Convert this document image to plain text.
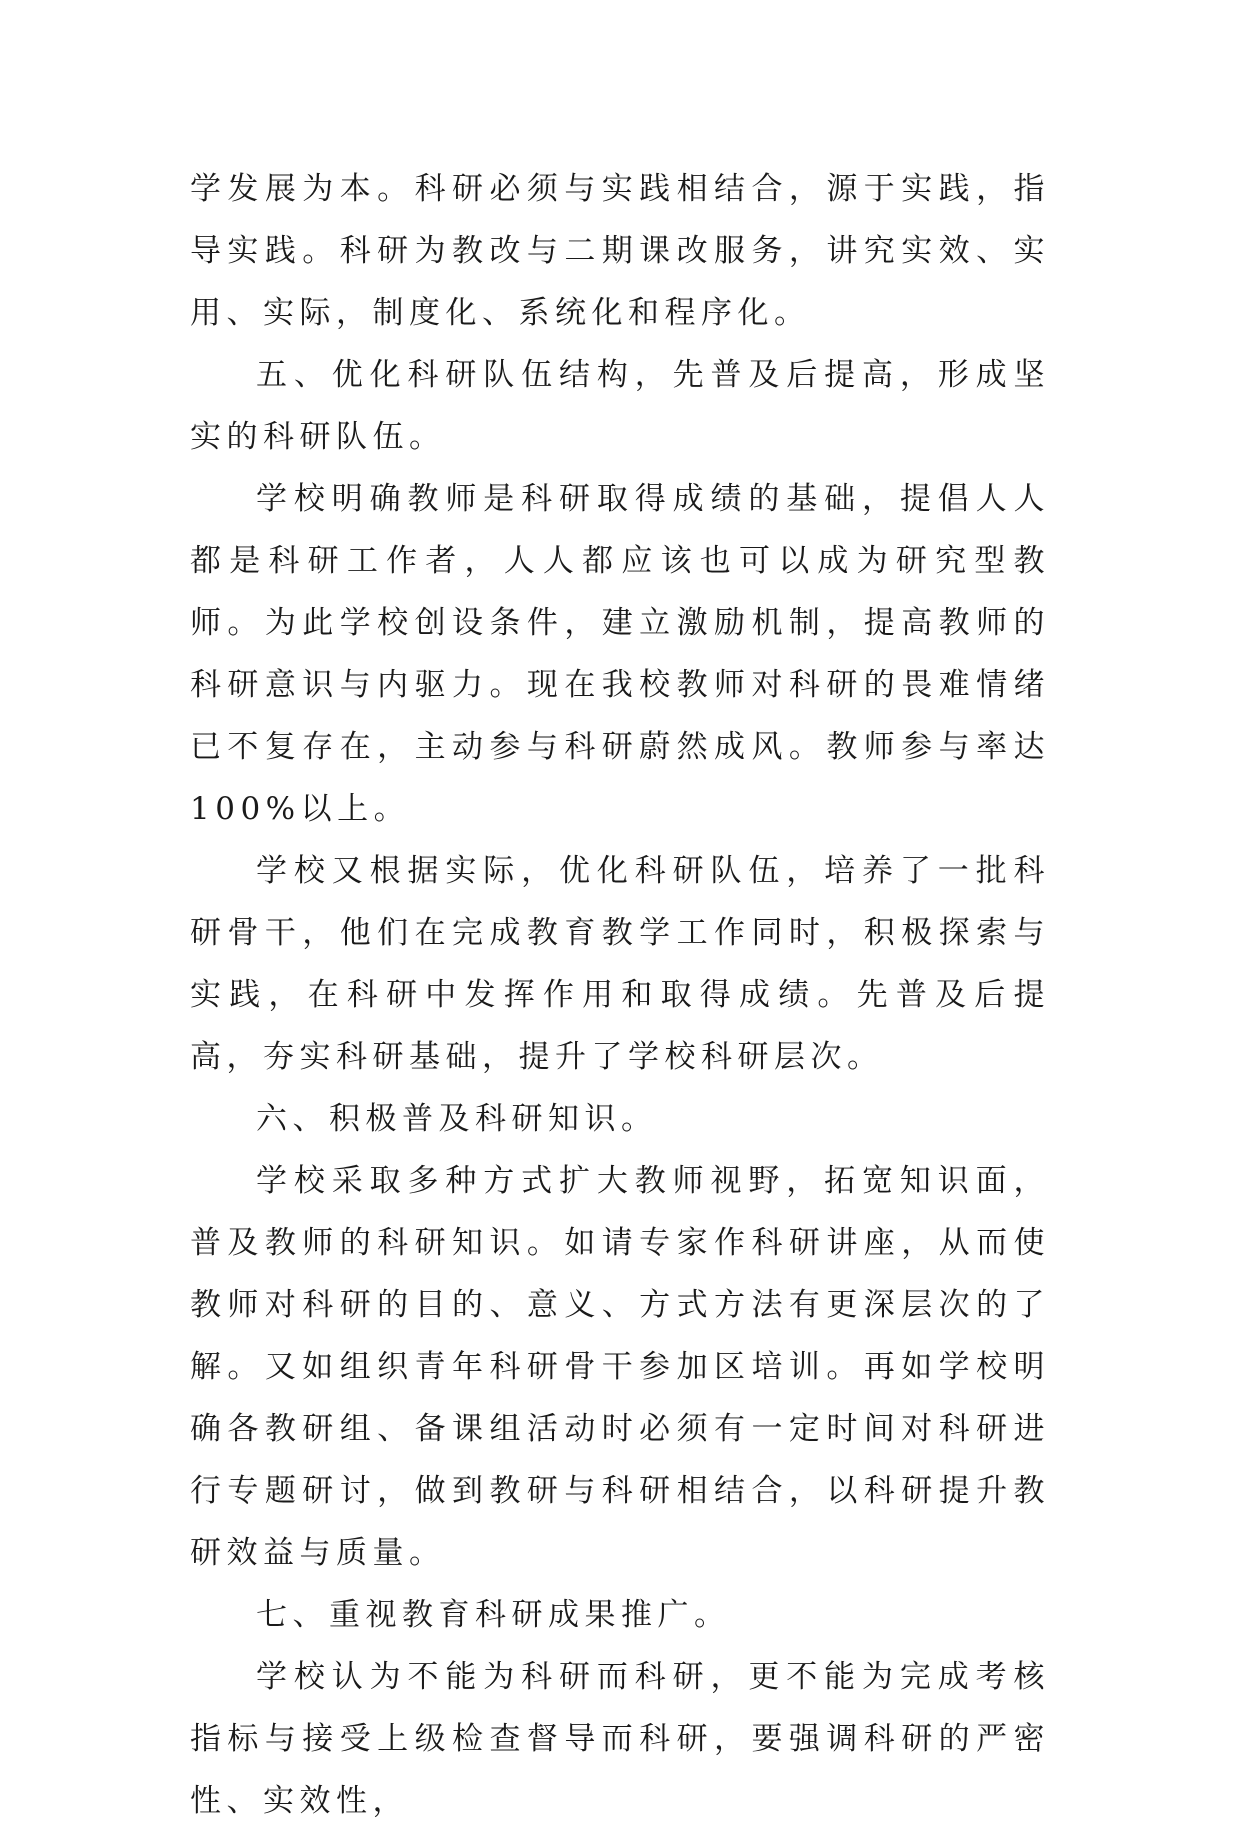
学发展为本。科研必须与实践相结合，源于实践，指导实践。科研为教改与二期课改服务，讲究实效、实用、实际，制度化、系统化和程序化。

五、优化科研队伍结构，先普及后提高，形成坚实的科研队伍。

学校明确教师是科研取得成绩的基础，提倡人人都是科研工作者，人人都应该也可以成为研究型教师。为此学校创设条件，建立激励机制，提高教师的科研意识与内驱力。现在我校教师对科研的畏难情绪已不复存在，主动参与科研蔚然成风。教师参与率达100%以上。

学校又根据实际，优化科研队伍，培养了一批科研骨干，他们在完成教育教学工作同时，积极探索与实践，在科研中发挥作用和取得成绩。先普及后提高，夯实科研基础，提升了学校科研层次。

六、积极普及科研知识。

学校采取多种方式扩大教师视野，拓宽知识面，普及教师的科研知识。如请专家作科研讲座，从而使教师对科研的目的、意义、方式方法有更深层次的了解。又如组织青年科研骨干参加区培训。再如学校明确各教研组、备课组活动时必须有一定时间对科研进行专题研讨，做到教研与科研相结合，以科研提升教研效益与质量。

七、重视教育科研成果推广。

学校认为不能为科研而科研，更不能为完成考核指标与接受上级检查督导而科研，要强调科研的严密性、实效性，
